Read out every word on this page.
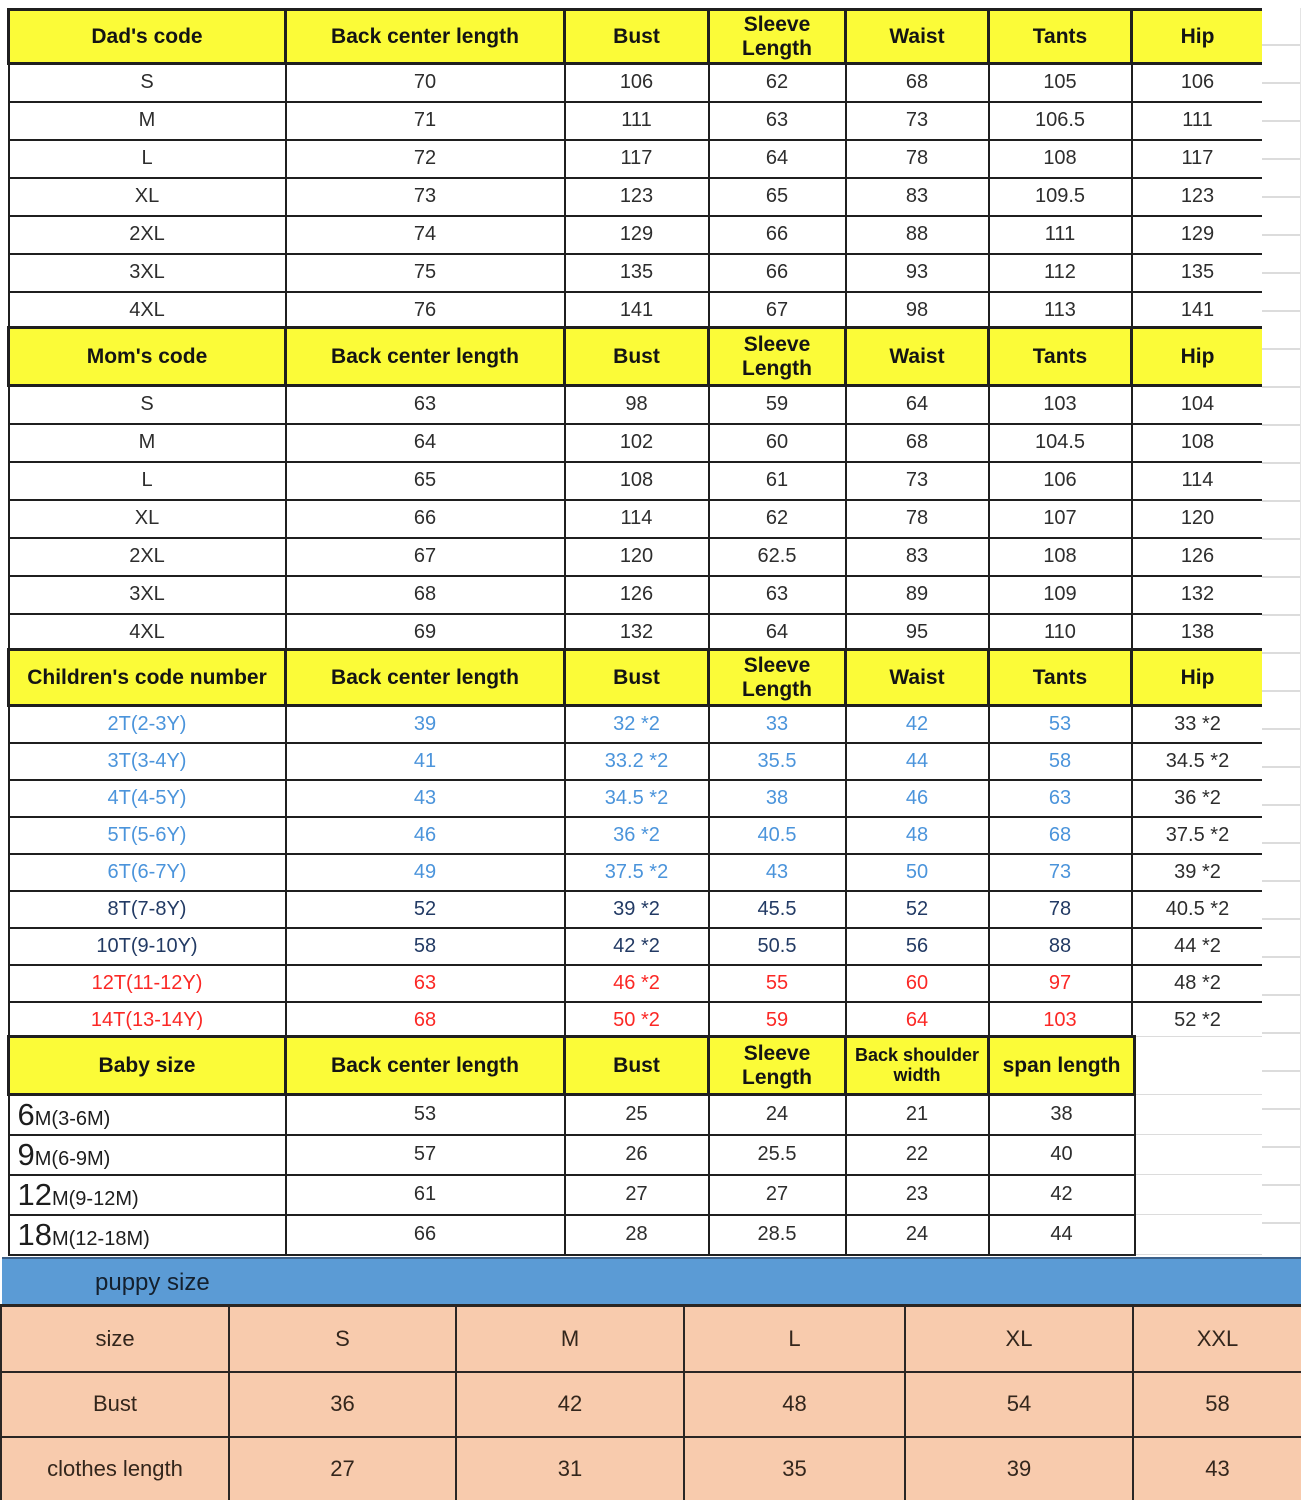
Dad's code	Back center length	Bust	Sleeve Length	Waist	Tants	Hip
S	70	106	62	68	105	106
M	71	111	63	73	106.5	111
L	72	117	64	78	108	117
XL	73	123	65	83	109.5	123
2XL	74	129	66	88	111	129
3XL	75	135	66	93	112	135
4XL	76	141	67	98	113	141
Mom's code	Back center length	Bust	Sleeve Length	Waist	Tants	Hip
S	63	98	59	64	103	104
M	64	102	60	68	104.5	108
L	65	108	61	73	106	114
XL	66	114	62	78	107	120
2XL	67	120	62.5	83	108	126
3XL	68	126	63	89	109	132
4XL	69	132	64	95	110	138
Children's code number	Back center length	Bust	Sleeve Length	Waist	Tants	Hip
2T(2-3Y)	39	32 *2	33	42	53	33 *2
3T(3-4Y)	41	33.2 *2	35.5	44	58	34.5 *2
4T(4-5Y)	43	34.5 *2	38	46	63	36 *2
5T(5-6Y)	46	36 *2	40.5	48	68	37.5 *2
6T(6-7Y)	49	37.5 *2	43	50	73	39 *2
8T(7-8Y)	52	39 *2	45.5	52	78	40.5 *2
10T(9-10Y)	58	42 *2	50.5	56	88	44 *2
12T(11-12Y)	63	46 *2	55	60	97	48 *2
14T(13-14Y)	68	50 *2	59	64	103	52 *2
Baby size	Back center length	Bust	Sleeve Length	Back shoulder width	span length	
6M(3-6M)	53	25	24	21	38	
9M(6-9M)	57	26	25.5	22	40	
12M(9-12M)	61	27	27	23	42	
18M(12-18M)	66	28	28.5	24	44	
puppy size
size	S	M	L	XL	XXL
Bust	36	42	48	54	58
clothes length	27	31	35	39	43
